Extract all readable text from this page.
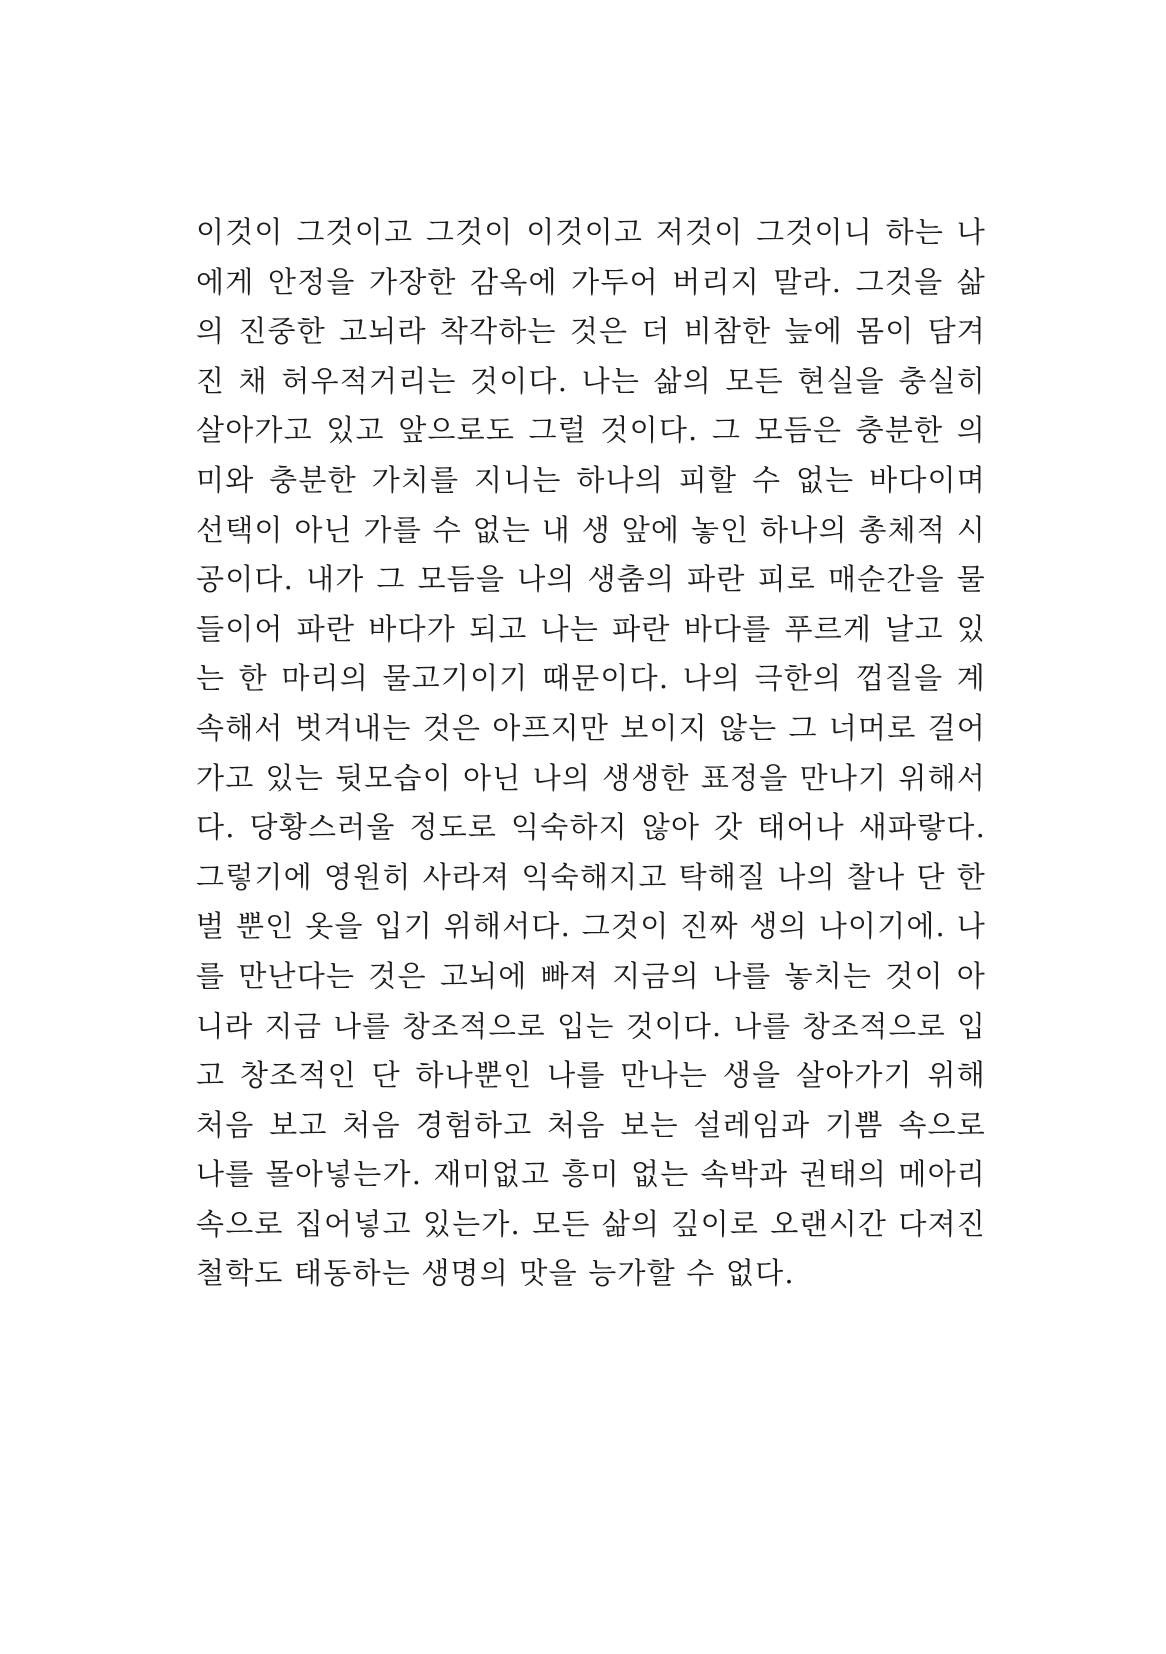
이것이 그것이고 그것이 이것이고 저것이 그것이니 하는 나
에게 안정을 가장한 감옥에 가두어 버리지 말라. 그것을 삶
의 진중한 고뇌라 착각하는 것은 더 비참한 늪에 몸이 담겨
진 채 허우적거리는 것이다. 나는 삶의 모든 현실을 충실히
살아가고 있고 앞으로도 그럴 것이다. 그 모듬은 충분한 의
미와 충분한 가치를 지니는 하나의 피할 수 없는 바다이며
선택이 아닌 가를 수 없는 내 생 앞에 놓인 하나의 총체적 시
공이다. 내가 그 모듬을 나의 생춤의 파란 피로 매순간을 물
들이어 파란 바다가 되고 나는 파란 바다를 푸르게 날고 있
는 한 마리의 물고기이기 때문이다. 나의 극한의 껍질을 계
속해서 벗겨내는 것은 아프지만 보이지 않는 그 너머로 걸어
가고 있는 뒷모습이 아닌 나의 생생한 표정을 만나기 위해서
다. 당황스러울 정도로 익숙하지 않아 갓 태어나 새파랗다.
그렇기에 영원히 사라져 익숙해지고 탁해질 나의 찰나 단 한
벌 뿐인 옷을 입기 위해서다. 그것이 진짜 생의 나이기에. 나
를 만난다는 것은 고뇌에 빠져 지금의 나를 놓치는 것이 아
니라 지금 나를 창조적으로 입는 것이다. 나를 창조적으로 입
고 창조적인 단 하나뿐인 나를 만나는 생을 살아가기 위해
처음 보고 처음 경험하고 처음 보는 설레임과 기쁨 속으로
나를 몰아넣는가. 재미없고 흥미 없는 속박과 권태의 메아리
속으로 집어넣고 있는가. 모든 삶의 깊이로 오랜시간 다져진
철학도 태동하는 생명의 맛을 능가할 수 없다.
